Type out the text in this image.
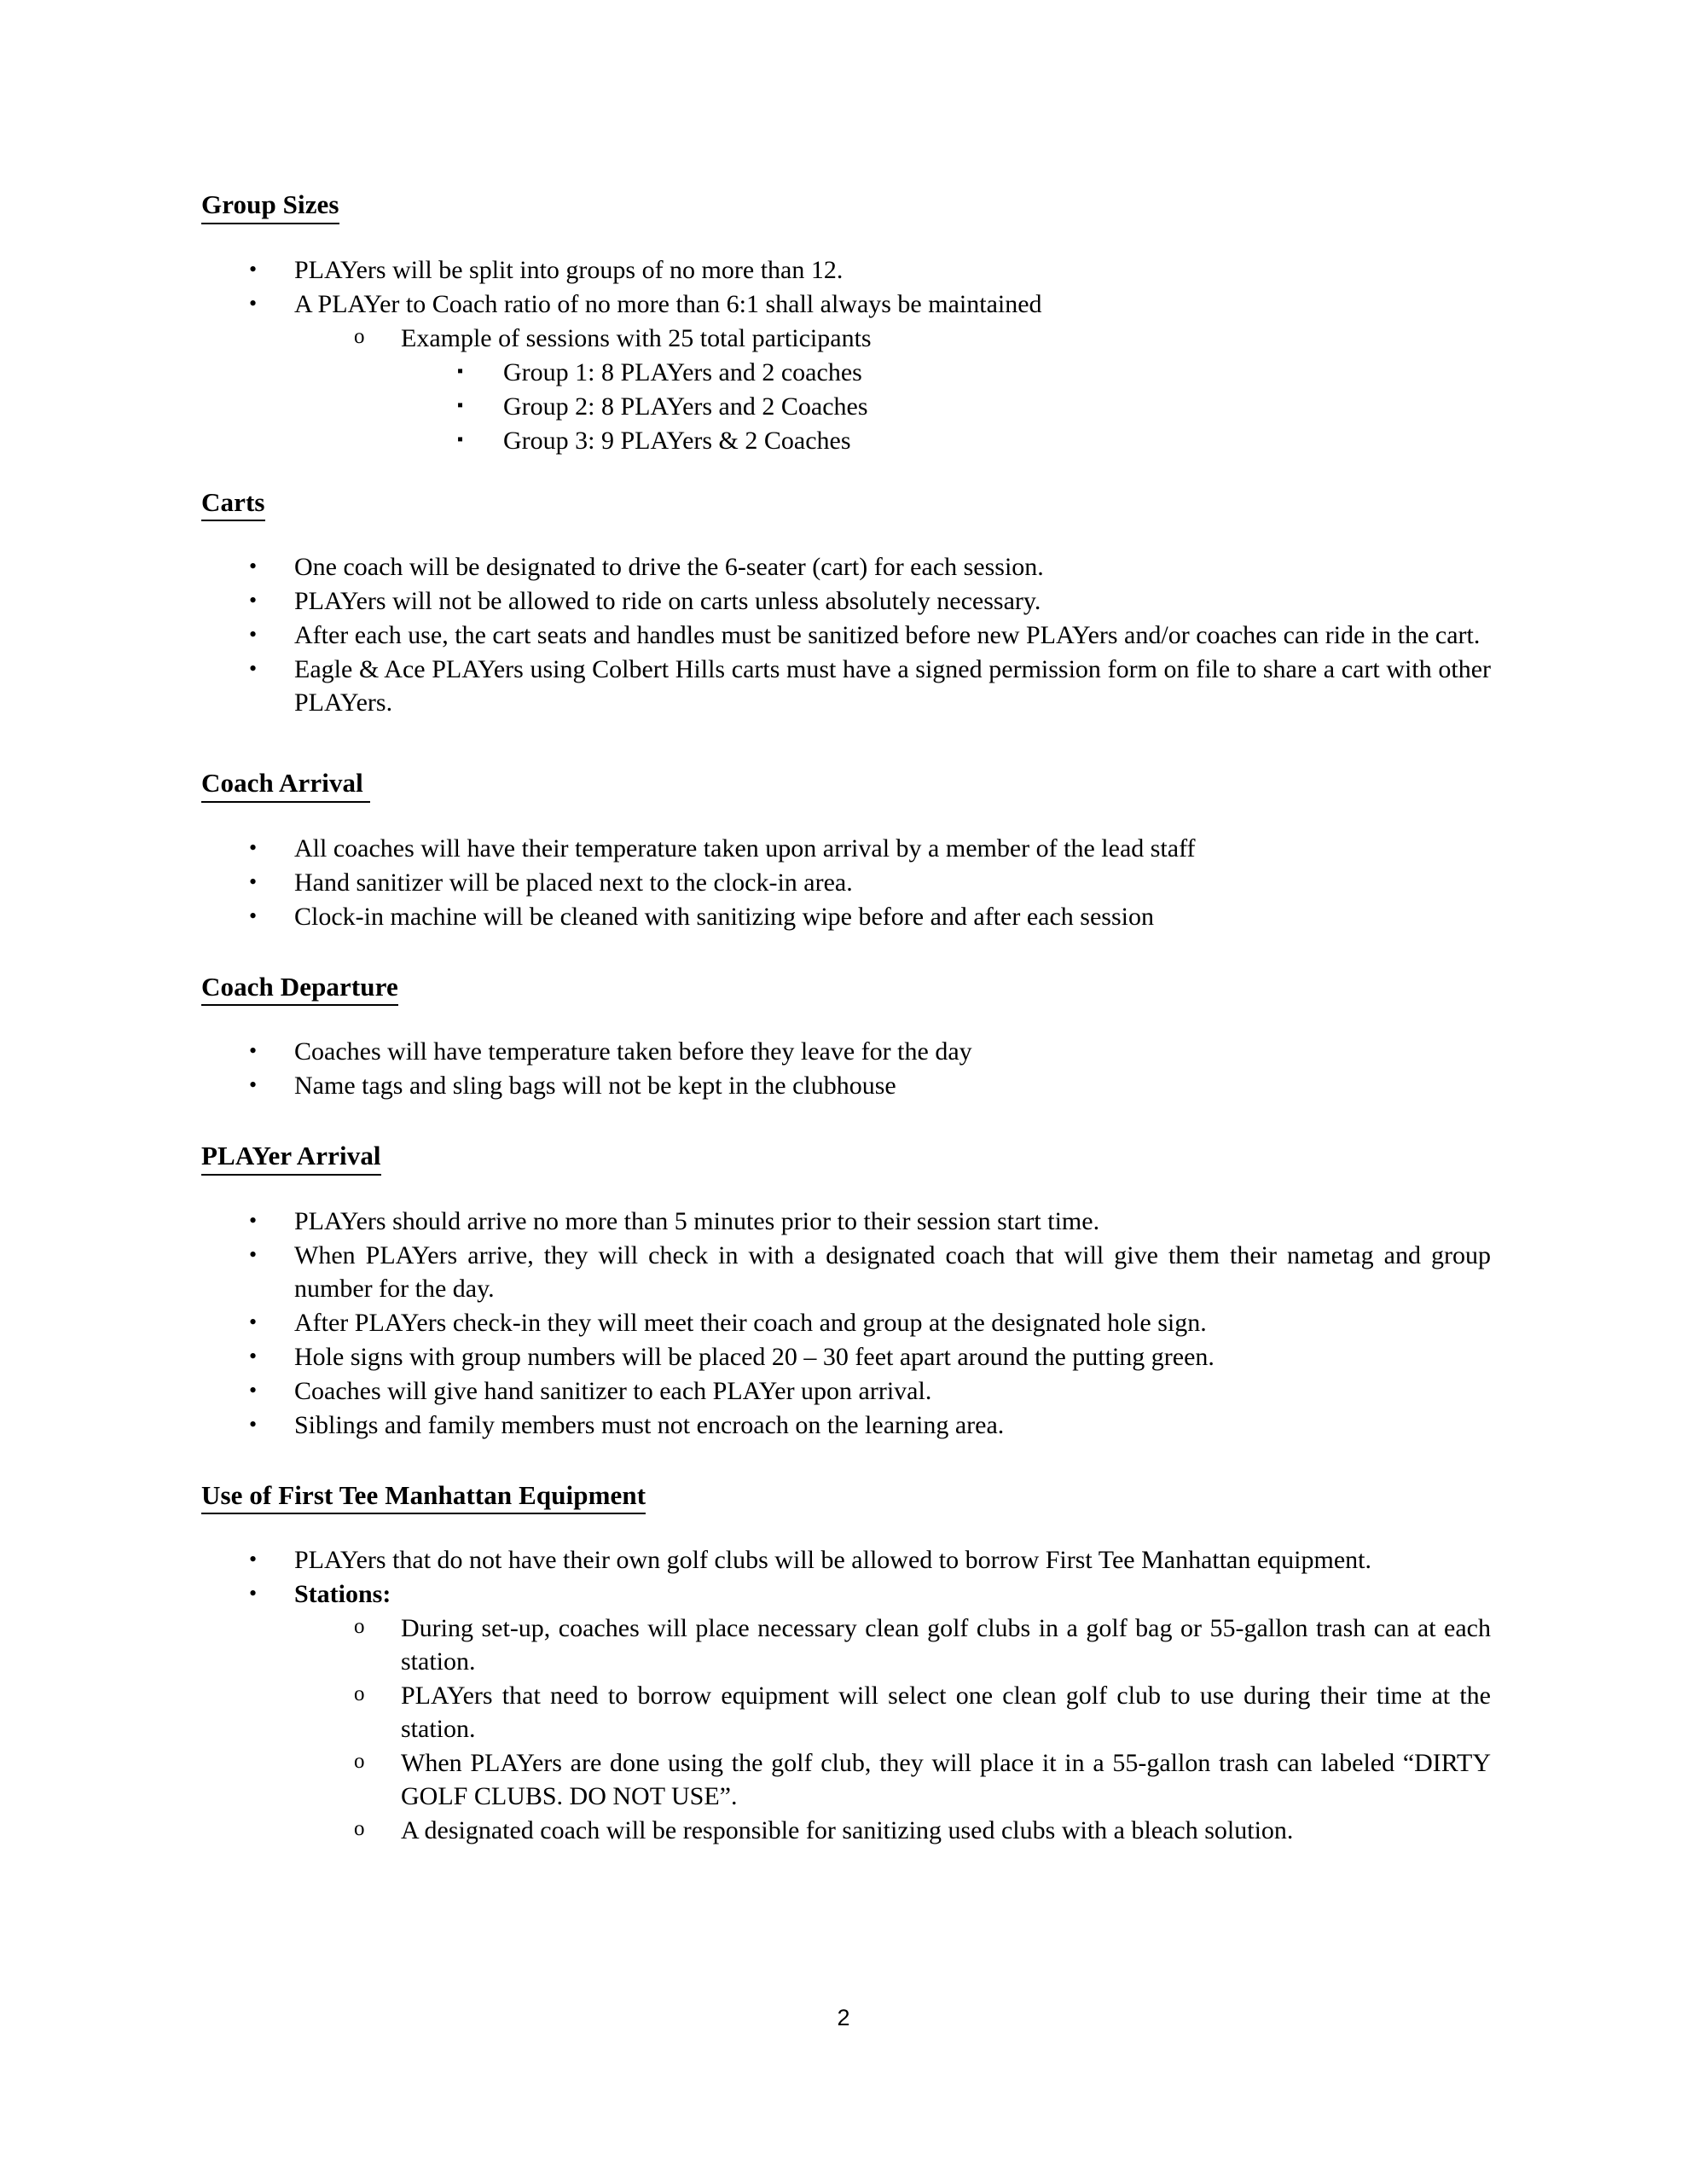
Group Sizes
• PLAYers will be split into groups of no more than 12.
• A PLAYer to Coach ratio of no more than 6:1 shall always be maintained
o Example of sessions with 25 total participants
▪ Group 1: 8 PLAYers and 2 coaches
▪ Group 2: 8 PLAYers and 2 Coaches
▪ Group 3: 9 PLAYers & 2 Coaches
Carts
• One coach will be designated to drive the 6-seater (cart) for each session.
• PLAYers will not be allowed to ride on carts unless absolutely necessary.
• After each use, the cart seats and handles must be sanitized before new PLAYers and/or coaches can ride in the cart.
• Eagle & Ace PLAYers using Colbert Hills carts must have a signed permission form on file to share a cart with other PLAYers.
Coach Arrival
• All coaches will have their temperature taken upon arrival by a member of the lead staff
• Hand sanitizer will be placed next to the clock-in area.
• Clock-in machine will be cleaned with sanitizing wipe before and after each session
Coach Departure
• Coaches will have temperature taken before they leave for the day
• Name tags and sling bags will not be kept in the clubhouse
PLAYer Arrival
• PLAYers should arrive no more than 5 minutes prior to their session start time.
• When PLAYers arrive, they will check in with a designated coach that will give them their nametag and group number for the day.
• After PLAYers check-in they will meet their coach and group at the designated hole sign.
• Hole signs with group numbers will be placed 20 – 30 feet apart around the putting green.
• Coaches will give hand sanitizer to each PLAYer upon arrival.
• Siblings and family members must not encroach on the learning area.
Use of First Tee Manhattan Equipment
• PLAYers that do not have their own golf clubs will be allowed to borrow First Tee Manhattan equipment.
• Stations:
o During set-up, coaches will place necessary clean golf clubs in a golf bag or 55-gallon trash can at each station.
o PLAYers that need to borrow equipment will select one clean golf club to use during their time at the station.
o When PLAYers are done using the golf club, they will place it in a 55-gallon trash can labeled “DIRTY GOLF CLUBS. DO NOT USE”.
o A designated coach will be responsible for sanitizing used clubs with a bleach solution.
2
